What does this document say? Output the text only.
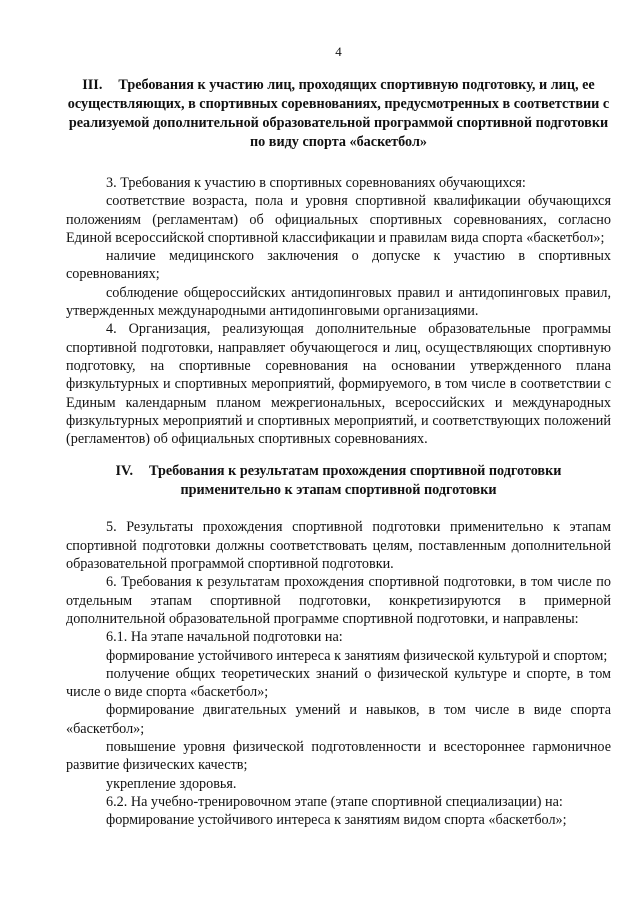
4
III. Требования к участию лиц, проходящих спортивную подготовку, и лиц, ее осуществляющих, в спортивных соревнованиях, предусмотренных в соответствии с реализуемой дополнительной образовательной программой спортивной подготовки по виду спорта «баскетбол»

3. Требования к участию в спортивных соревнованиях обучающихся:

соответствие возраста, пола и уровня спортивной квалификации обучающихся положениям (регламентам) об официальных спортивных соревнованиях, согласно Единой всероссийской спортивной классификации и правилам вида спорта «баскетбол»;

наличие медицинского заключения о допуске к участию в спортивных соревнованиях;

соблюдение общероссийских антидопинговых правил и антидопинговых правил, утвержденных международными антидопинговыми организациями.

4. Организация, реализующая дополнительные образовательные программы спортивной подготовки, направляет обучающегося и лиц, осуществляющих спортивную подготовку, на спортивные соревнования на основании утвержденного плана физкультурных и спортивных мероприятий, формируемого, в том числе в соответствии с Единым календарным планом межрегиональных, всероссийских и международных физкультурных мероприятий и спортивных мероприятий, и соответствующих положений (регламентов) об официальных спортивных соревнованиях.

IV. Требования к результатам прохождения спортивной подготовки применительно к этапам спортивной подготовки

5. Результаты прохождения спортивной подготовки применительно к этапам спортивной подготовки должны соответствовать целям, поставленным дополнительной образовательной программой спортивной подготовки.

6. Требования к результатам прохождения спортивной подготовки, в том числе по отдельным этапам спортивной подготовки, конкретизируются в примерной дополнительной образовательной программе спортивной подготовки, и направлены:

6.1. На этапе начальной подготовки на:

формирование устойчивого интереса к занятиям физической культурой и спортом;

получение общих теоретических знаний о физической культуре и спорте, в том числе о виде спорта «баскетбол»;

формирование двигательных умений и навыков, в том числе в виде спорта «баскетбол»;

повышение уровня физической подготовленности и всестороннее гармоничное развитие физических качеств;

укрепление здоровья.

6.2. На учебно-тренировочном этапе (этапе спортивной специализации) на:

формирование устойчивого интереса к занятиям видом спорта «баскетбол»;
